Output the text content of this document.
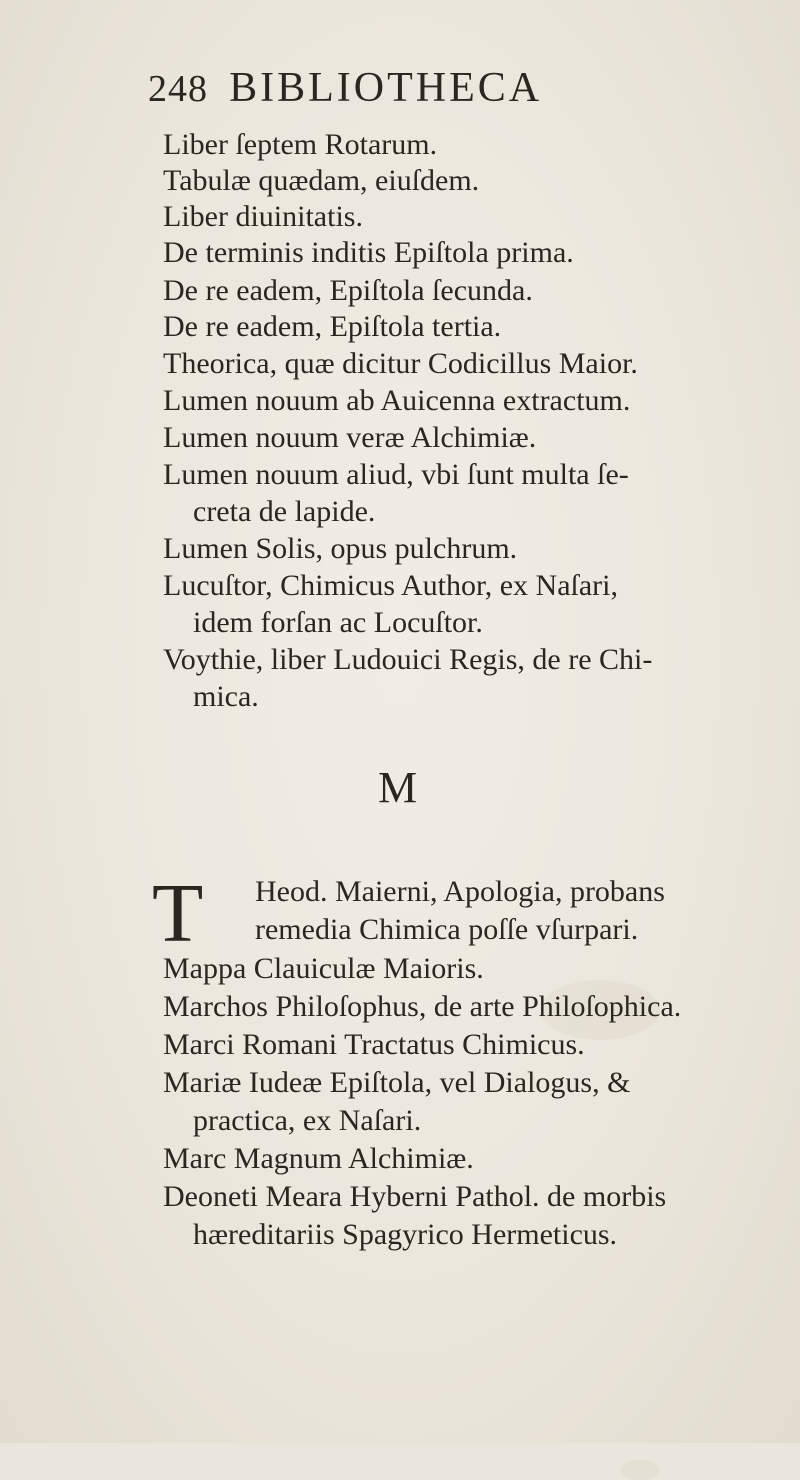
248 BIBLIOTHECA
Liber ſeptem Rotarum.
Tabulæ quædam, eiuſdem.
Liber diuinitatis.
De terminis inditis Epiſtola prima.
De re eadem, Epiſtola ſecunda.
De re eadem, Epiſtola tertia.
Theorica, quæ dicitur Codicillus Maior.
Lumen nouum ab Auicenna extractum.
Lumen nouum veræ Alchimiæ.
Lumen nouum aliud, vbi ſunt multa ſe-
creta de lapide.
Lumen Solis, opus pulchrum.
Lucuſtor, Chimicus Author, ex Naſari,
idem forſan ac Locuſtor.
Voythie, liber Ludouici Regis, de re Chi-
mica.
M
T Heod. Maierni, Apologia, probans
remedia Chimica poſſe vſurpari.
Mappa Clauiculæ Maioris.
Marchos Philoſophus, de arte Philoſophica.
Marci Romani Tractatus Chimicus.
Mariæ Iudeæ Epiſtola, vel Dialogus, &
practica, ex Naſari.
Marc Magnum Alchimiæ.
Deoneti Meara Hyberni Pathol. de morbis
hæreditariis Spagyrico Hermeticus.
